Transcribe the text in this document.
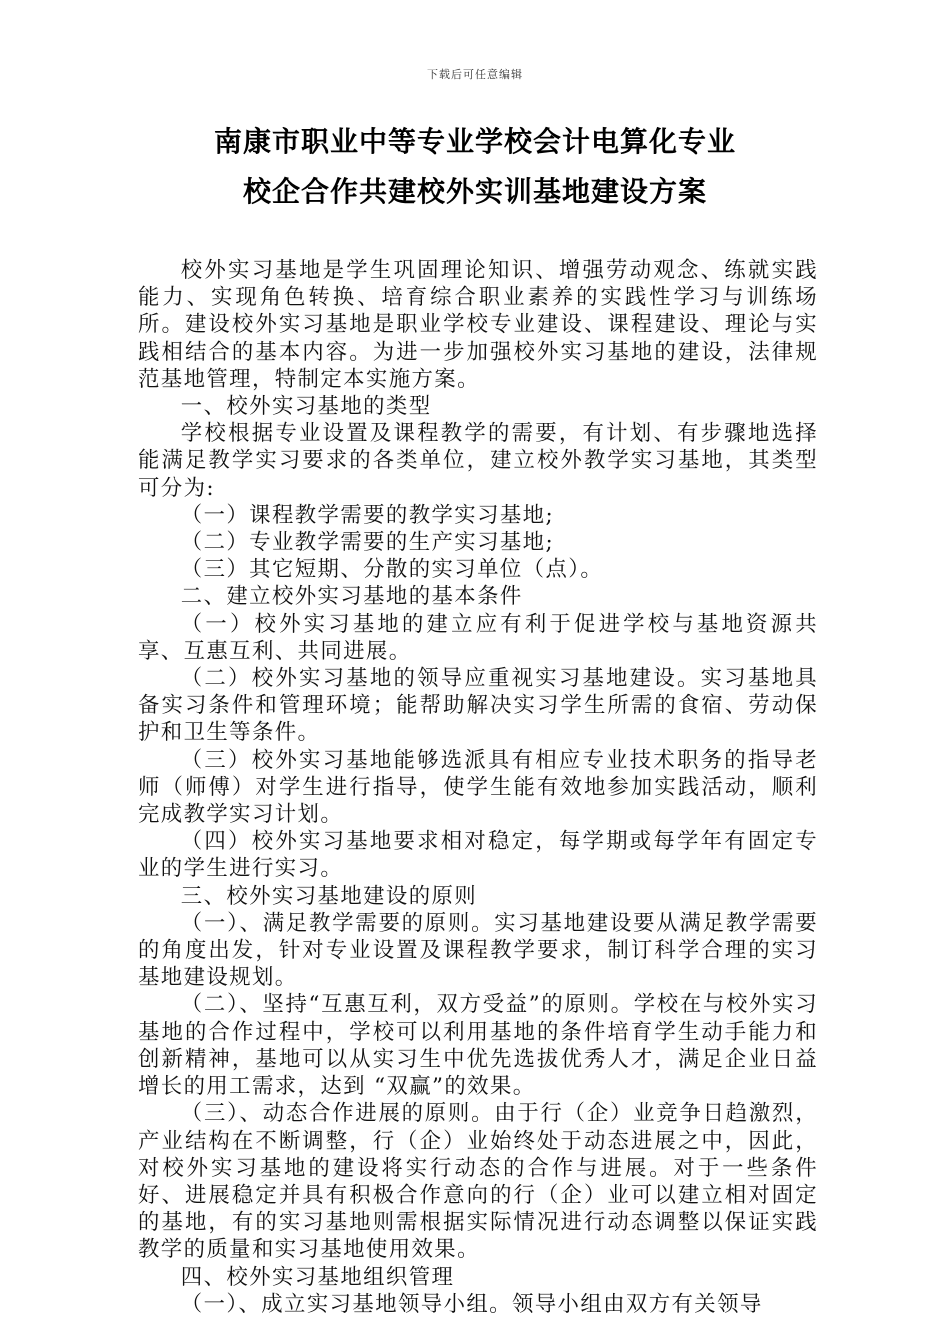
下载后可任意编辑
南康市职业中等专业学校会计电算化专业
校企合作共建校外实训基地建设方案

校外实习基地是学生巩固理论知识、增强劳动观念、练就实践能力、实现角色转换、培育综合职业素养的实践性学习与训练场所。建设校外实习基地是职业学校专业建设、课程建设、理论与实践相结合的基本内容。为进一步加强校外实习基地的建设，法律规范基地管理，特制定本实施方案。

一、校外实习基地的类型

学校根据专业设置及课程教学的需要，有计划、有步骤地选择能满足教学实习要求的各类单位，建立校外教学实习基地，其类型可分为:

（一）课程教学需要的教学实习基地;

（二）专业教学需要的生产实习基地;

（三）其它短期、分散的实习单位（点）。

二、建立校外实习基地的基本条件

（一）校外实习基地的建立应有利于促进学校与基地资源共享、互惠互利、共同进展。

（二）校外实习基地的领导应重视实习基地建设。实习基地具备实习条件和管理环境；能帮助解决实习学生所需的食宿、劳动保护和卫生等条件。

（三）校外实习基地能够选派具有相应专业技术职务的指导老师（师傅）对学生进行指导，使学生能有效地参加实践活动，顺利完成教学实习计划。

（四）校外实习基地要求相对稳定，每学期或每学年有固定专业的学生进行实习。

三、校外实习基地建设的原则

（一）、满足教学需要的原则。实习基地建设要从满足教学需要的角度出发，针对专业设置及课程教学要求，制订科学合理的实习基地建设规划。

（二）、坚持“互惠互利，双方受益”的原则。学校在与校外实习基地的合作过程中，学校可以利用基地的条件培育学生动手能力和创新精神，基地可以从实习生中优先选拔优秀人才，满足企业日益增长的用工需求，达到 “双赢”的效果。

（三）、动态合作进展的原则。由于行（企）业竞争日趋激烈，产业结构在不断调整，行（企）业始终处于动态进展之中，因此，对校外实习基地的建设将实行动态的合作与进展。对于一些条件好、进展稳定并具有积极合作意向的行（企）业可以建立相对固定的基地，有的实习基地则需根据实际情况进行动态调整以保证实践教学的质量和实习基地使用效果。

四、校外实习基地组织管理

（一）、成立实习基地领导小组。领导小组由双方有关领导
